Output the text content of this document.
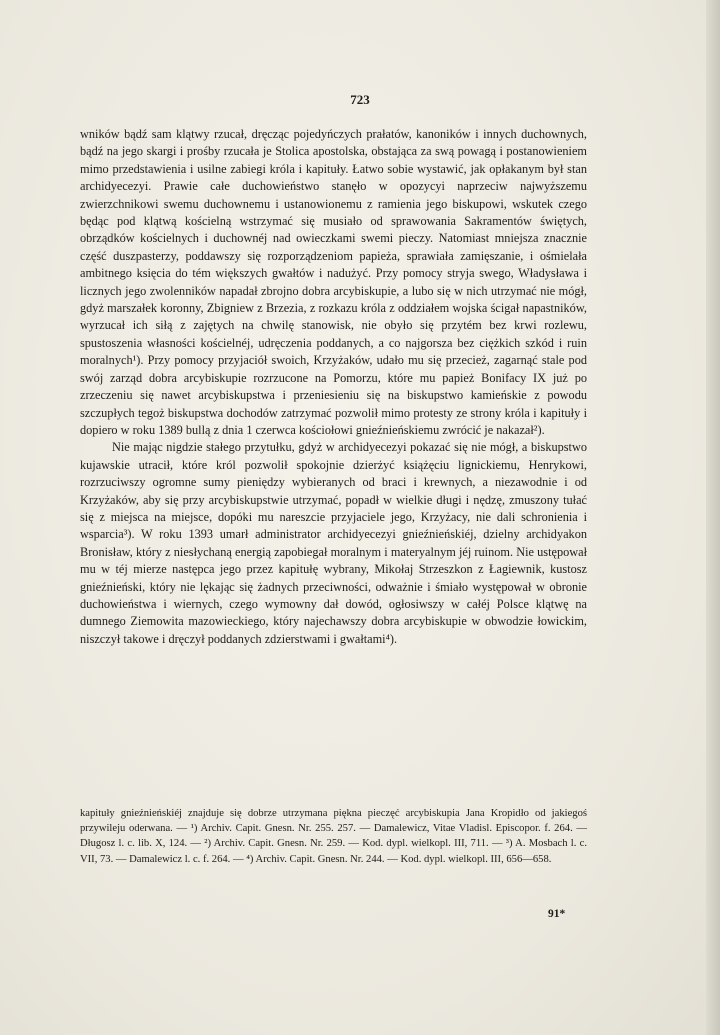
723

wników bądź sam klątwy rzucał, dręcząc pojedyńczych prałatów, kanoników i innych duchownych, bądź na jego skargi i prośby rzucała je Stolica apostolska, obstająca za swą powagą i postanowieniem mimo przedstawienia i usilne zabiegi króla i kapituły. Łatwo sobie wystawić, jak opłakanym był stan archidyecezyi. Prawie całe duchowieństwo stanęło w opozycyi naprzeciw najwyższemu zwierzchnikowi swemu duchownemu i ustanowionemu z ramienia jego biskupowi, wskutek czego będąc pod klątwą kościelną wstrzymać się musiało od sprawowania Sakramentów świętych, obrządków kościelnych i duchownéj nad owieczkami swemi pieczy. Natomiast mniejsza znacznie część duszpasterzy, poddawszy się rozporządzeniom papieża, sprawiała zamięszanie, i ośmielała ambitnego księcia do tém większych gwałtów i nadużyć. Przy pomocy stryja swego, Władysława i licznych jego zwolenników napadał zbrojno dobra arcybiskupie, a lubo się w nich utrzymać nie mógł, gdyż marszałek koronny, Zbigniew z Brzezia, z rozkazu króla z oddziałem wojska ścigał napastników, wyrzucał ich siłą z zajętych na chwilę stanowisk, nie obyło się przytém bez krwi rozlewu, spustoszenia własności kościelnéj, udręczenia poddanych, a co najgorsza bez ciężkich szkód i ruin moralnych¹). Przy pomocy przyjaciół swoich, Krzyżaków, udało mu się przecież, zagarnąć stale pod swój zarząd dobra arcybiskupie rozrzucone na Pomorzu, które mu papież Bonifacy IX już po zrzeczeniu się nawet arcybiskupstwa i przeniesieniu się na biskupstwo kamieńskie z powodu szczupłych tegoż biskupstwa dochodów zatrzymać pozwolił mimo protesty ze strony króla i kapituły i dopiero w roku 1389 bullą z dnia 1 czerwca kościołowi gnieźnieńskiemu zwrócić je nakazał²).

Nie mając nigdzie stałego przytułku, gdyż w archidyecezyi pokazać się nie mógł, a biskupstwo kujawskie utracił, które król pozwolił spokojnie dzierżyć książęciu lignickiemu, Henrykowi, rozrzuciwszy ogromne sumy pieniędzy wybieranych od braci i krewnych, a niezawodnie i od Krzyżaków, aby się przy arcybiskupstwie utrzymać, popadł w wielkie długi i nędzę, zmuszony tułać się z miejsca na miejsce, dopóki mu nareszcie przyjaciele jego, Krzyżacy, nie dali schronienia i wsparcia³). W roku 1393 umarł administrator archidyecezyi gnieźnieńskiéj, dzielny archidyakon Bronisław, który z niesłychaną energią zapobiegał moralnym i materyalnym jéj ruinom. Nie ustępował mu w téj mierze następca jego przez kapitułę wybrany, Mikołaj Strzeszkon z Łagiewnik, kustosz gnieźnieński, który nie lękając się żadnych przeciwności, odważnie i śmiało występował w obronie duchowieństwa i wiernych, czego wymowny dał dowód, ogłosiwszy w całéj Polsce klątwę na dumnego Ziemowita mazowieckiego, który najechawszy dobra arcybiskupie w obwodzie łowickim, niszczył takowe i dręczył poddanych zdzierstwami i gwałtami⁴).

kapituły gnieźnieńskiéj znajduje się dobrze utrzymana piękna pieczęć arcybiskupia Jana Kropidło od jakiegoś przywileju oderwana. — ¹) Archiv. Capit. Gnesn. Nr. 255. 257. — Damalewicz, Vitae Vladisl. Episcopor. f. 264. — Długosz l. c. lib. X, 124. — ²) Archiv. Capit. Gnesn. Nr. 259. — Kod. dypl. wielkopl. III, 711. — ³) A. Mosbach l. c. VII, 73. — Damalewicz l. c. f. 264. — ⁴) Archiv. Capit. Gnesn. Nr. 244. — Kod. dypl. wielkopl. III, 656—658.

91*
